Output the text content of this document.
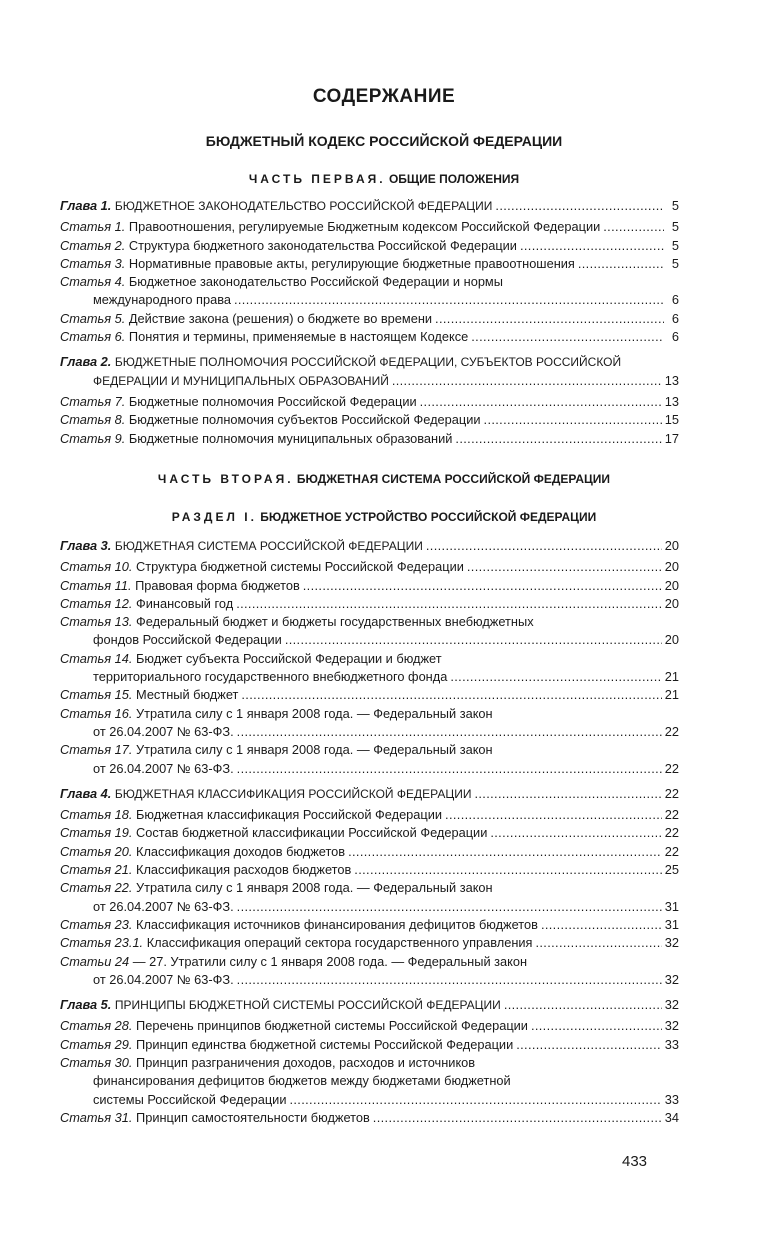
СОДЕРЖАНИЕ
БЮДЖЕТНЫЙ КОДЕКС РОССИЙСКОЙ ФЕДЕРАЦИИ
ЧАСТЬ ПЕРВАЯ. ОБЩИЕ ПОЛОЖЕНИЯ
Глава 1. БЮДЖЕТНОЕ ЗАКОНОДАТЕЛЬСТВО РОССИЙСКОЙ ФЕДЕРАЦИИ . . .	5
Статья 1. Правоотношения, регулируемые Бюджетным кодексом Российской Федерации . . .	5
Статья 2. Структура бюджетного законодательства Российской Федерации . . .	5
Статья 3. Нормативные правовые акты, регулирующие бюджетные правоотношения . . .	5
Статья 4. Бюджетное законодательство Российской Федерации и нормы
международного права . . .	6
Статья 5. Действие закона (решения) о бюджете во времени . . .	6
Статья 6. Понятия и термины, применяемые в настоящем Кодексе . . .	6
Глава 2. БЮДЖЕТНЫЕ ПОЛНОМОЧИЯ РОССИЙСКОЙ ФЕДЕРАЦИИ, СУБЪЕКТОВ РОССИЙСКОЙ
ФЕДЕРАЦИИ И МУНИЦИПАЛЬНЫХ ОБРАЗОВАНИЙ . . .	13
Статья 7. Бюджетные полномочия Российской Федерации . . .	13
Статья 8. Бюджетные полномочия субъектов Российской Федерации . . .	15
Статья 9. Бюджетные полномочия муниципальных образований . . .	17
ЧАСТЬ ВТОРАЯ. БЮДЖЕТНАЯ СИСТЕМА РОССИЙСКОЙ ФЕДЕРАЦИИ
РАЗДЕЛ I. БЮДЖЕТНОЕ УСТРОЙСТВО РОССИЙСКОЙ ФЕДЕРАЦИИ
Глава 3. БЮДЖЕТНАЯ СИСТЕМА РОССИЙСКОЙ ФЕДЕРАЦИИ . . .	20
Статья 10. Структура бюджетной системы Российской Федерации . . .	20
Статья 11. Правовая форма бюджетов . . .	20
Статья 12. Финансовый год . . .	20
Статья 13. Федеральный бюджет и бюджеты государственных внебюджетных
фондов Российской Федерации . . .	20
Статья 14. Бюджет субъекта Российской Федерации и бюджет
территориального государственного внебюджетного фонда . . .	21
Статья 15. Местный бюджет . . .	21
Статья 16. Утратила силу с 1 января 2008 года. — Федеральный закон
от 26.04.2007 № 63-ФЗ. . . .	22
Статья 17. Утратила силу с 1 января 2008 года. — Федеральный закон
от 26.04.2007 № 63-ФЗ. . . .	22
Глава 4. БЮДЖЕТНАЯ КЛАССИФИКАЦИЯ РОССИЙСКОЙ ФЕДЕРАЦИИ . . .	22
Статья 18. Бюджетная классификация Российской Федерации . . .	22
Статья 19. Состав бюджетной классификации Российской Федерации . . .	22
Статья 20. Классификация доходов бюджетов . . .	22
Статья 21. Классификация расходов бюджетов . . .	25
Статья 22. Утратила силу с 1 января 2008 года. — Федеральный закон
от 26.04.2007 № 63-ФЗ. . . .	31
Статья 23. Классификация источников финансирования дефицитов бюджетов . . .	31
Статья 23.1. Классификация операций сектора государственного управления . . .	32
Статьи 24 — 27. Утратили силу с 1 января 2008 года. — Федеральный закон
от 26.04.2007 № 63-ФЗ. . . .	32
Глава 5. ПРИНЦИПЫ БЮДЖЕТНОЙ СИСТЕМЫ РОССИЙСКОЙ ФЕДЕРАЦИИ . . .	32
Статья 28. Перечень принципов бюджетной системы Российской Федерации . . .	32
Статья 29. Принцип единства бюджетной системы Российской Федерации . . .	33
Статья 30. Принцип разграничения доходов, расходов и источников
финансирования дефицитов бюджетов между бюджетами бюджетной
системы Российской Федерации . . .	33
Статья 31. Принцип самостоятельности бюджетов . . .	34
433
